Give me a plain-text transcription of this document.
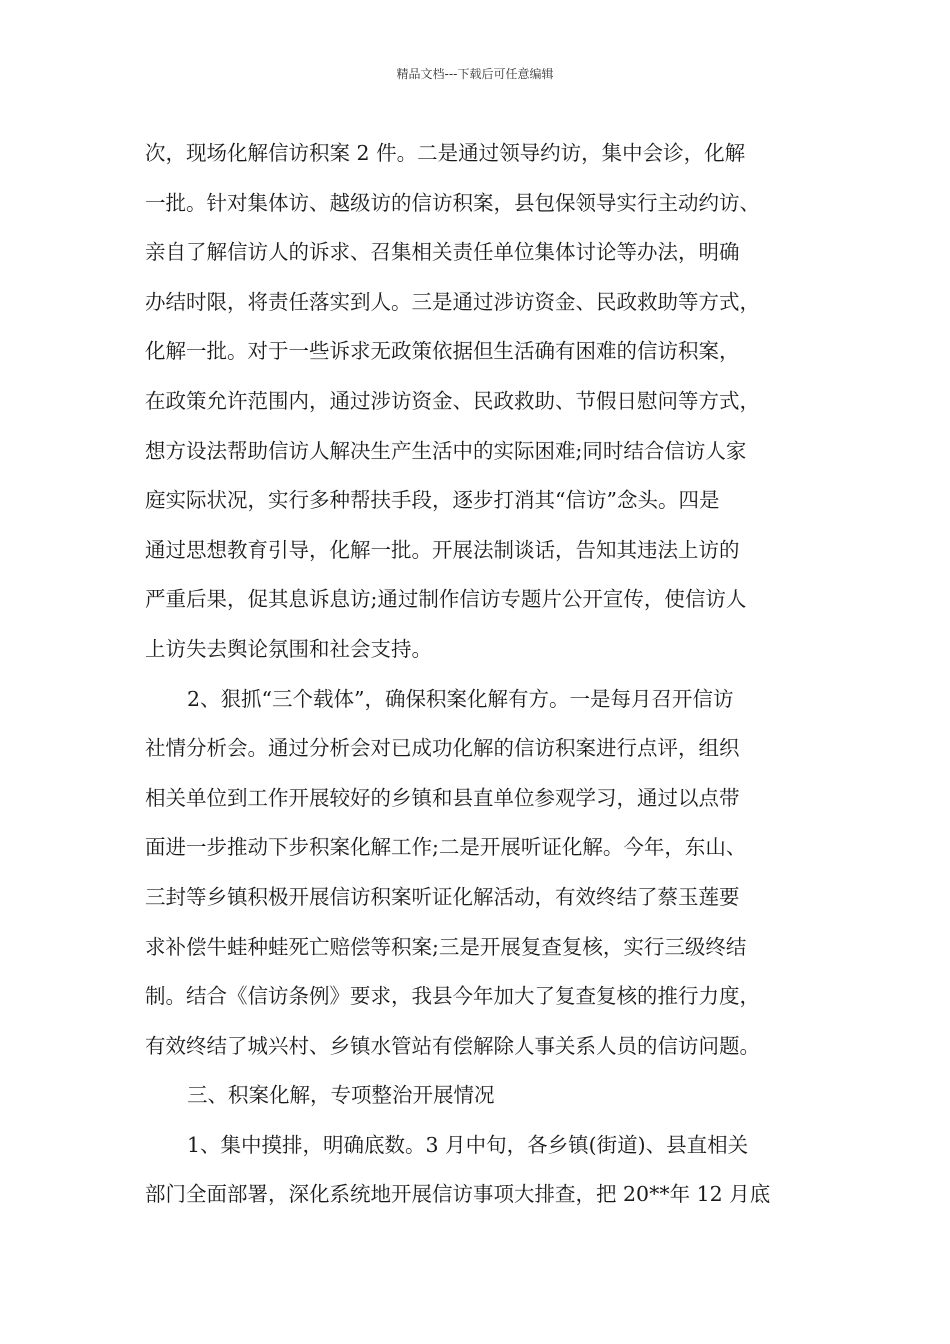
精品文档---下载后可任意编辑

次，现场化解信访积案 2 件。二是通过领导约访，集中会诊，化解

一批。针对集体访、越级访的信访积案，县包保领导实行主动约访、

亲自了解信访人的诉求、召集相关责任单位集体讨论等办法，明确

办结时限，将责任落实到人。三是通过涉访资金、民政救助等方式，

化解一批。对于一些诉求无政策依据但生活确有困难的信访积案，

在政策允许范围内，通过涉访资金、民政救助、节假日慰问等方式，

想方设法帮助信访人解决生产生活中的实际困难;同时结合信访人家

庭实际状况，实行多种帮扶手段，逐步打消其“信访”念头。四是

通过思想教育引导，化解一批。开展法制谈话，告知其违法上访的

严重后果，促其息诉息访;通过制作信访专题片公开宣传，使信访人

上访失去舆论氛围和社会支持。

2、狠抓“三个载体”，确保积案化解有方。一是每月召开信访

社情分析会。通过分析会对已成功化解的信访积案进行点评，组织

相关单位到工作开展较好的乡镇和县直单位参观学习，通过以点带

面进一步推动下步积案化解工作;二是开展听证化解。今年，东山、

三封等乡镇积极开展信访积案听证化解活动，有效终结了蔡玉莲要

求补偿牛蛙种蛙死亡赔偿等积案;三是开展复查复核，实行三级终结

制。结合《信访条例》要求，我县今年加大了复查复核的推行力度，

有效终结了城兴村、乡镇水管站有偿解除人事关系人员的信访问题。

三、积案化解，专项整治开展情况

1、集中摸排，明确底数。3 月中旬，各乡镇(街道)、县直相关

部门全面部署，深化系统地开展信访事项大排查，把 20**年 12 月底
